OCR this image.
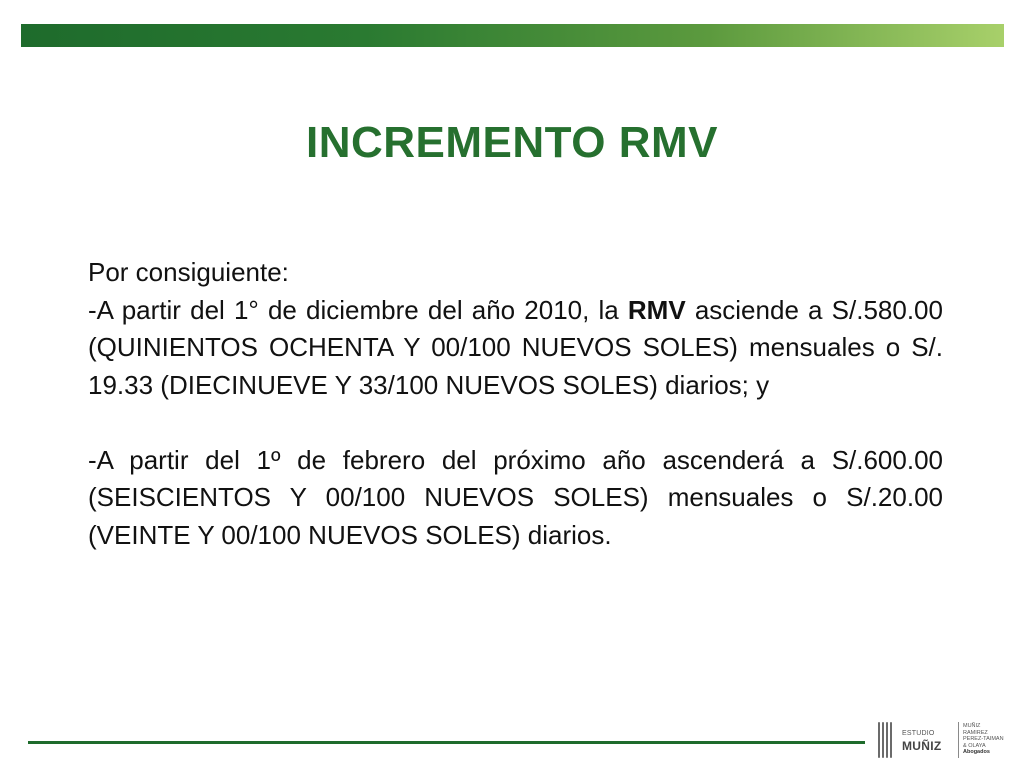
INCREMENTO RMV

Por consiguiente:

-A partir del 1° de diciembre del año 2010, la RMV asciende a S/.580.00 (QUINIENTOS OCHENTA Y 00/100 NUEVOS SOLES) mensuales o S/. 19.33 (DIECINUEVE Y 33/100 NUEVOS SOLES) diarios; y

-A partir del 1º de febrero del próximo año ascenderá a S/.600.00 (SEISCIENTOS Y 00/100 NUEVOS SOLES) mensuales o S/.20.00 (VEINTE Y 00/100 NUEVOS SOLES) diarios.

ESTUDIO
MUÑIZ
MUÑIZ
RAMIREZ
PEREZ-TAIMAN
& OLAYA
Abogados
